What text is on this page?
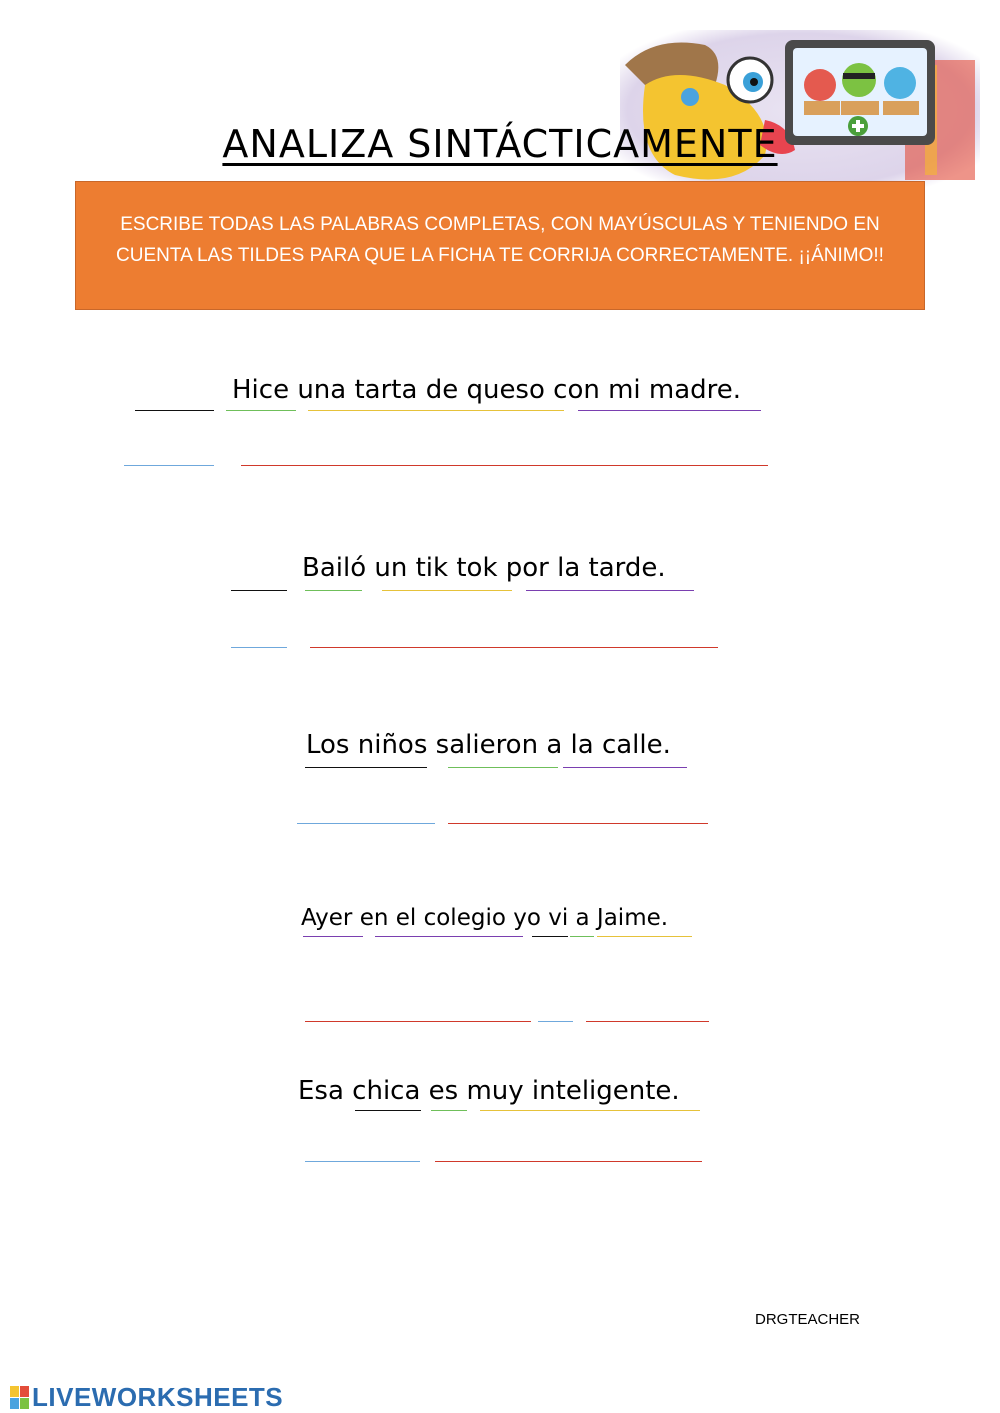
ANALIZA SINTÁCTICAMENTE
ESCRIBE TODAS LAS PALABRAS COMPLETAS, CON MAYÚSCULAS Y TENIENDO EN CUENTA LAS TILDES PARA QUE LA FICHA TE CORRIJA CORRECTAMENTE. ¡¡ÁNIMO!!
Hice una tarta de queso con mi madre.
Bailó un tik tok por la tarde.
Los niños salieron a la calle.
Ayer en el colegio yo vi a Jaime.
Esa chica es muy inteligente.
DRGTEACHER
LIVEWORKSHEETS
